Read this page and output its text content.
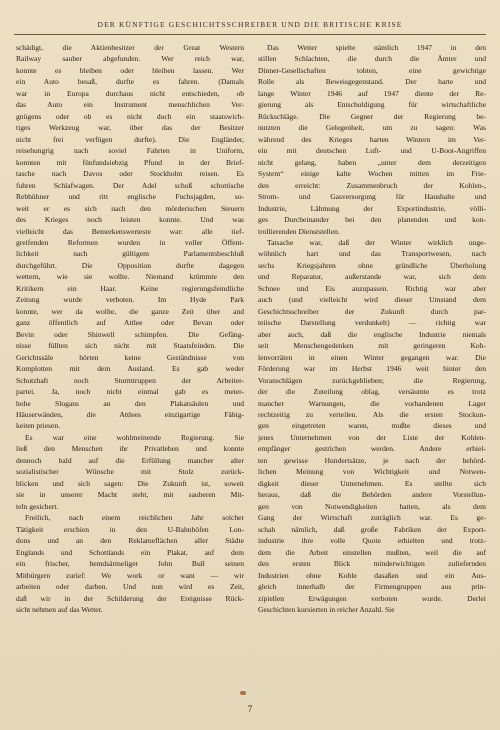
DER KÜNFTIGE GESCHICHTSSCHREIBER UND DIE BRITISCHE KRISE
schädigt, die Aktienbesitzer der Great Western
Railway sauber abgefunden. Wer reich war,
konnte es bleiben oder bleiben lassen. Wer
ein Auto besaß, durfte es fahren. (Damals
war in Europa durchaus nicht entschieden, ob
das Auto ein Instrument menschlichen Ver-
gnügens oder ob es nicht doch ein staatswich-
tiges Werkzeug war, über das der Besitzer
nicht frei verfügen durfte). Die Engländer,
reisehungrig nach soviel Fahrten in Uniform,
konnten mit fünfundsiebzig Pfund in der Brief-
tasche nach Davos oder Stockholm reisen. Es
fuhren Schlafwagen. Der Adel schoß schottische
Rebhühner und ritt englische Fuchsjagden, so-
weit er es sich nach den mörderischen Steuern
des Krieges noch leisten konnte. Und was
vielleicht das Bemerkenswerteste war: alle tief-
greifenden Reformen wurden in voller Öffent-
lichkeit nach gültigem Parlamentsbeschluß
durchgeführt. Die Opposition durfte dagegen
wettern, wie sie wollte. Niemand krümmte den
Kritikern ein Haar. Keine regierungsfeindliche
Zeitung wurde verboten. Im Hyde Park
konnte, wer da wollte, die ganze Zeit über and
ganz öffentlich auf Attlee oder Bevan oder
Bevin oder Shinwell schimpfen. Die Gefäng-
nisse füllten sich nicht mit Staatsfeinden. Die
Gerichtssäle hörten keine Geständnisse von
Komplotten mit dem Ausland. Es gab weder
Schutzhaft noch Sturmtruppen der Arbeiter-
partei. Ja, noch nicht einmal gab es meter-
hohe Slogans an den Plakatsäulen und
Häuserwänden, die Attlees einzigartige Fähig-
keiten priesen.
Es war eine wohlmeinende Regierung. Sie
ließ den Menschen ihr Privatleben und konnte
dennoch bald auf die Erfüllung mancher alter
sozialistischer Wünsche mit Stolz zurück-
blicken und sich sagen: Die Zukunft ist, soweit
sie in unserer Macht steht, mit sauberen Mit-
teln gesichert.
Freilich, nach einem reichlichen Jahr solcher
Tätigkeit erschien in den U-Bahnhöfen Lon-
dons und an den Reklameflächen aller Städte
Englands und Schottlands ein Plakat, auf dem
ein frischer, hemdsärmeliger John Bull seinen
Mitbürgern zurief: We work or want — wir
arbeiten oder darben. Und nun wird es Zeit,
daß wir in der Schilderung der Ereignisse Rück-
sicht nehmen auf das Wetter.
Das Wetter spielte nämlich 1947 in den
stillen Schlachten, die durch die Ämter und
Dinner-Gesellschaften tobten, eine gewichtige
Rolle als Beweisgegenstand. Der harte und
lange Winter 1946 auf 1947 diente der Re-
gierung als Entschuldigung für wirtschaftliche
Rückschläge. Die Gegner der Regierung be-
nutzten die Gelegenheit, um zu sagen: Was
während des Krieges harten Wintern im Ver-
ein mit deutschen Luft- und U-Boot-Angriffen
nicht gelang, haben „unter dem derzeitigen
System“ einige kalte Wochen mitten im Frie-
den erreicht: Zusammenbruch der Kohlen-,
Strom- und Gasversorgung für Haushalte und
Industrie, Lähmung der Exportindustrie, völli-
ges Durcheinander bei den planenden und kon-
trollierenden Dienststellen.
Tatsache war, daß der Winter wirklich unge-
wöhnlich hart und das Transportwesen, nach
sechs Kriegsjahren ohne gründliche Überholung
und Reparatur, außerstande war, sich dem
Schnee und Eis anzupassen. Richtig war aber
auch (und vielleicht wird dieser Umstand dem
Geschichtsschreiber der Zukunft durch par-
teiische Darstellung verdunkelt) — richtig war
aber auch, daß die englische Industrie niemals
seit Menschengedenken mit geringeren Koh-
lenvorräten in einen Winter gegangen war. Die
Förderung war im Herbst 1946 weit hinter den
Voranschlägen zurückgeblieben; die Regierung,
der die Zuteilung oblag, versäumte es trotz
mancher Warnungen, die vorhandenen Lager
rechtzeitig zu verteilen. Als die ersten Stockun-
gen eingetreten waren, mußte dieses und
jenes Unternehmen von der Liste der Kohlen-
empfänger gestrichen werden. Andere erhiel-
ten gewisse Hundertsätze, je nach der behörd-
lichen Meinung von Wichtigkeit und Notwen-
digkeit dieser Unternehmen. Es stellte sich
heraus, daß die Behörden andere Vorstellun-
gen von Notwendigkeiten hatten, als dem
Gang der Wirtschaft zuträglich war. Es ge-
schah nämlich, daß große Fabriken der Export-
industrie ihre volle Quote erhielten und trotz-
dem die Arbeit einstellen mußten, weil die auf
den ersten Blick minderwichtigen zuliefernden
Industrien ohne Kohle dasaßen und ein Aus-
gleich innerhalb der Firmengruppen aus prin-
zipiellen Erwägungen verboten wurde. Derlei
Geschichten kursierten in reicher Anzahl. Sie
7
